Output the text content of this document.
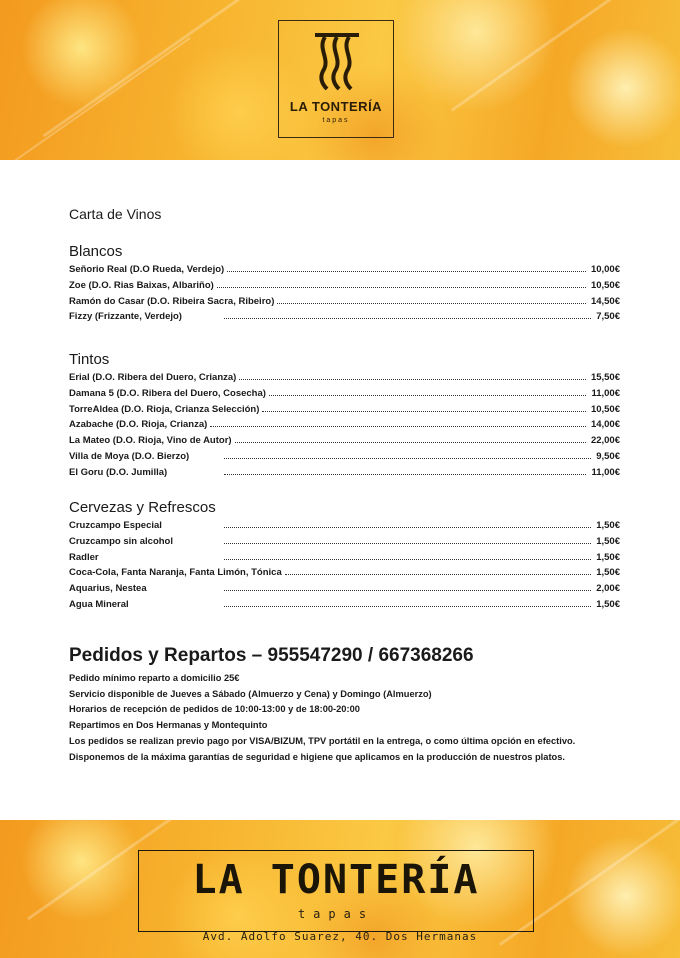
LA TONTERÍA
tapas
Carta de Vinos
Blancos
Señorio Real (D.O Rueda, Verdejo)	10,00€
Zoe (D.O. Rias Baixas, Albariño)	10,50€
Ramón do Casar (D.O. Ribeira Sacra, Ribeiro)	14,50€
Fizzy (Frizzante, Verdejo)	7,50€
Tintos
Erial (D.O. Ribera del Duero, Crianza)	15,50€
Damana 5 (D.O. Ribera del Duero, Cosecha)	11,00€
TorreAldea (D.O. Rioja, Crianza Selección)	10,50€
Azabache (D.O. Rioja, Crianza)	14,00€
La Mateo (D.O. Rioja, Vino de Autor)	22,00€
Villa de Moya (D.O. Bierzo)	9,50€
El Goru (D.O. Jumilla)	11,00€
Cervezas y Refrescos
Cruzcampo Especial	1,50€
Cruzcampo sin alcohol	1,50€
Radler	1,50€
Coca-Cola, Fanta Naranja, Fanta Limón, Tónica	1,50€
Aquarius, Nestea	2,00€
Agua Mineral	1,50€
Pedidos y Repartos – 955547290 / 667368266

Pedido mínimo reparto a domicilio 25€

Servicio disponible de Jueves a Sábado (Almuerzo y Cena) y Domingo (Almuerzo)

Horarios de recepción de pedidos de 10:00-13:00 y de 18:00-20:00

Repartimos en Dos Hermanas y Montequinto

Los pedidos se realizan previo pago por VISA/BIZUM, TPV portátil en la entrega, o como última opción en efectivo.

Disponemos de la máxima garantías de seguridad e higiene que aplicamos en la producción de nuestros platos.

LA TONTERÍA
tapas
Avd. Adolfo Suarez, 40. Dos Hermanas
